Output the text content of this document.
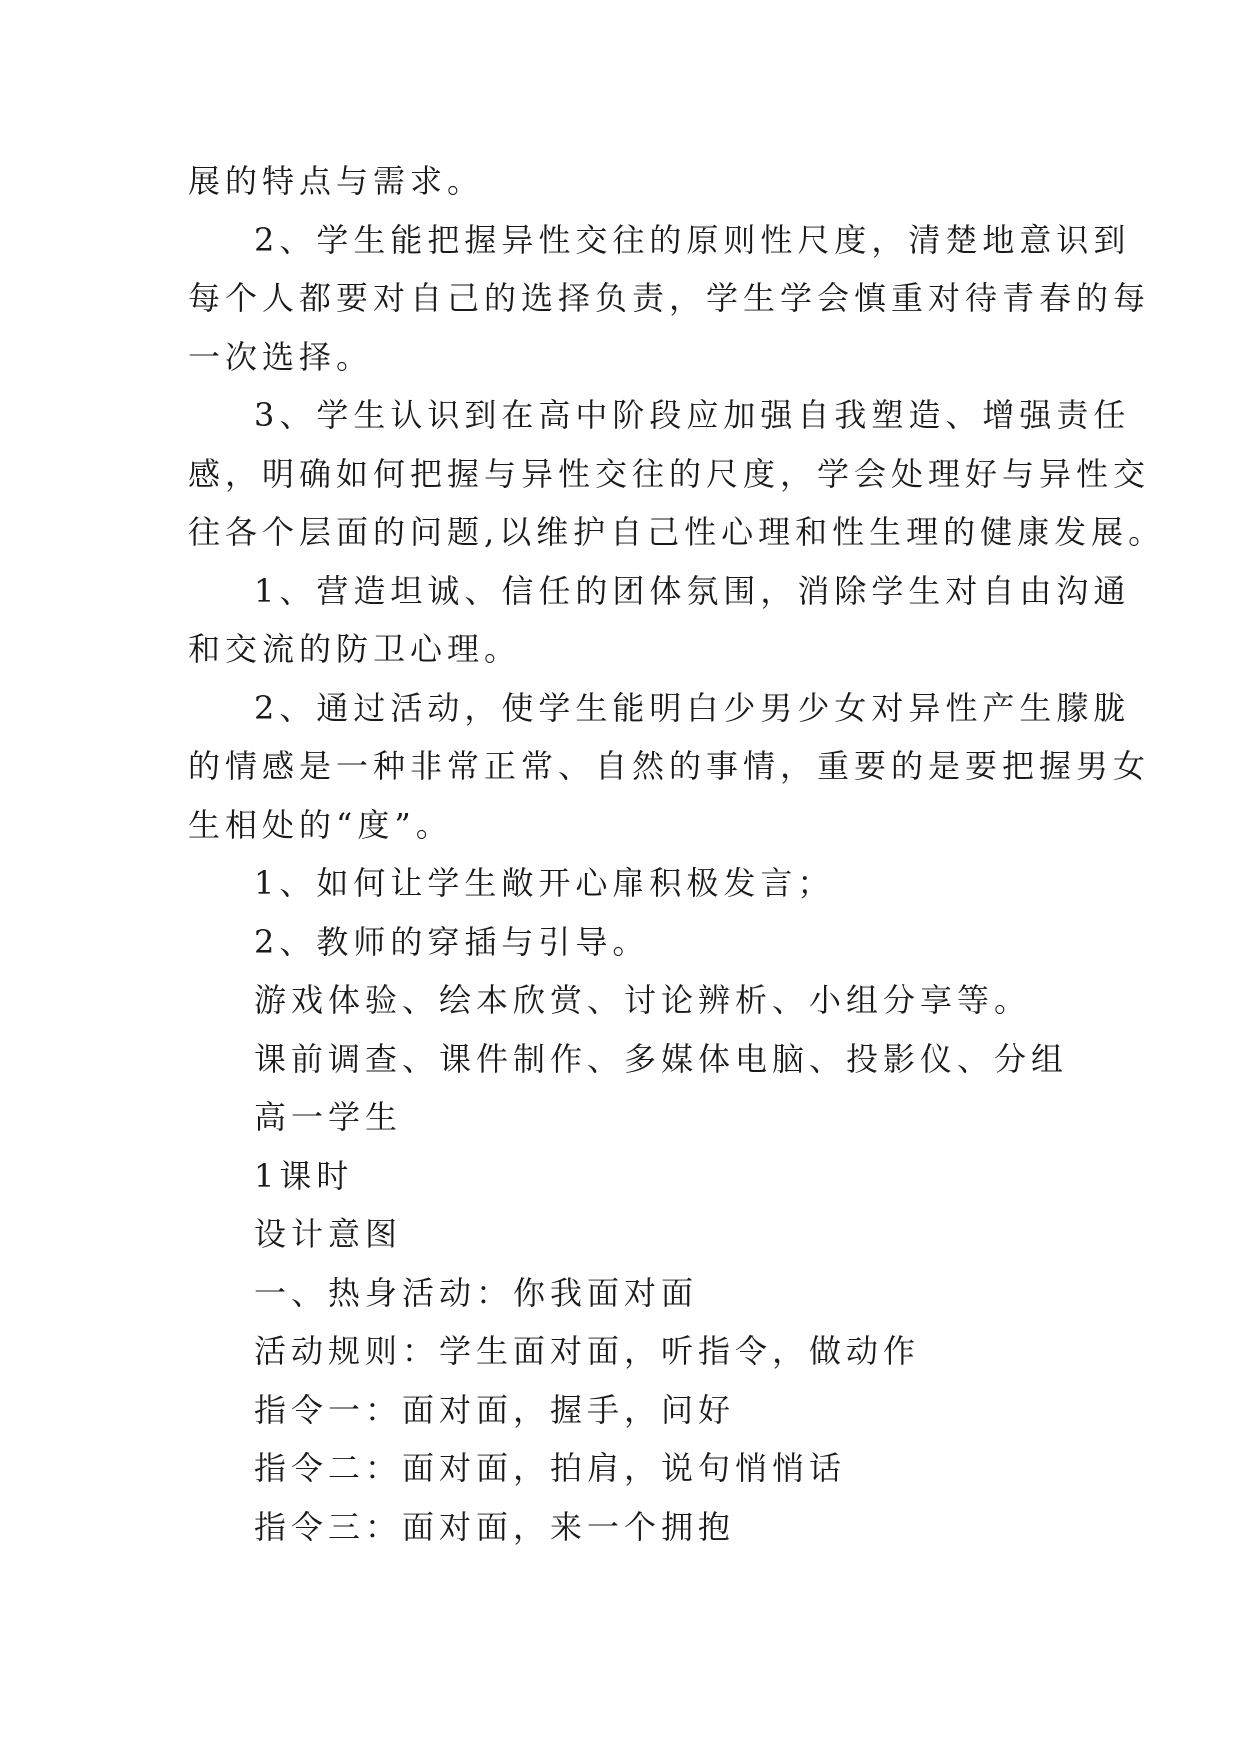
展的特点与需求。
2、学生能把握异性交往的原则性尺度，清楚地意识到
每个人都要对自己的选择负责，学生学会慎重对待青春的每
一次选择。
3、学生认识到在高中阶段应加强自我塑造、增强责任
感，明确如何把握与异性交往的尺度，学会处理好与异性交
往各个层面的问题,以维护自己性心理和性生理的健康发展。
1、营造坦诚、信任的团体氛围，消除学生对自由沟通
和交流的防卫心理。
2、通过活动，使学生能明白少男少女对异性产生朦胧
的情感是一种非常正常、自然的事情，重要的是要把握男女
生相处的“度”。
1、如何让学生敞开心扉积极发言；
2、教师的穿插与引导。
游戏体验、绘本欣赏、讨论辨析、小组分享等。
课前调查、课件制作、多媒体电脑、投影仪、分组
高一学生
1课时
设计意图
一、热身活动：你我面对面
活动规则：学生面对面，听指令，做动作
指令一：面对面，握手，问好
指令二：面对面，拍肩，说句悄悄话
指令三：面对面，来一个拥抱
